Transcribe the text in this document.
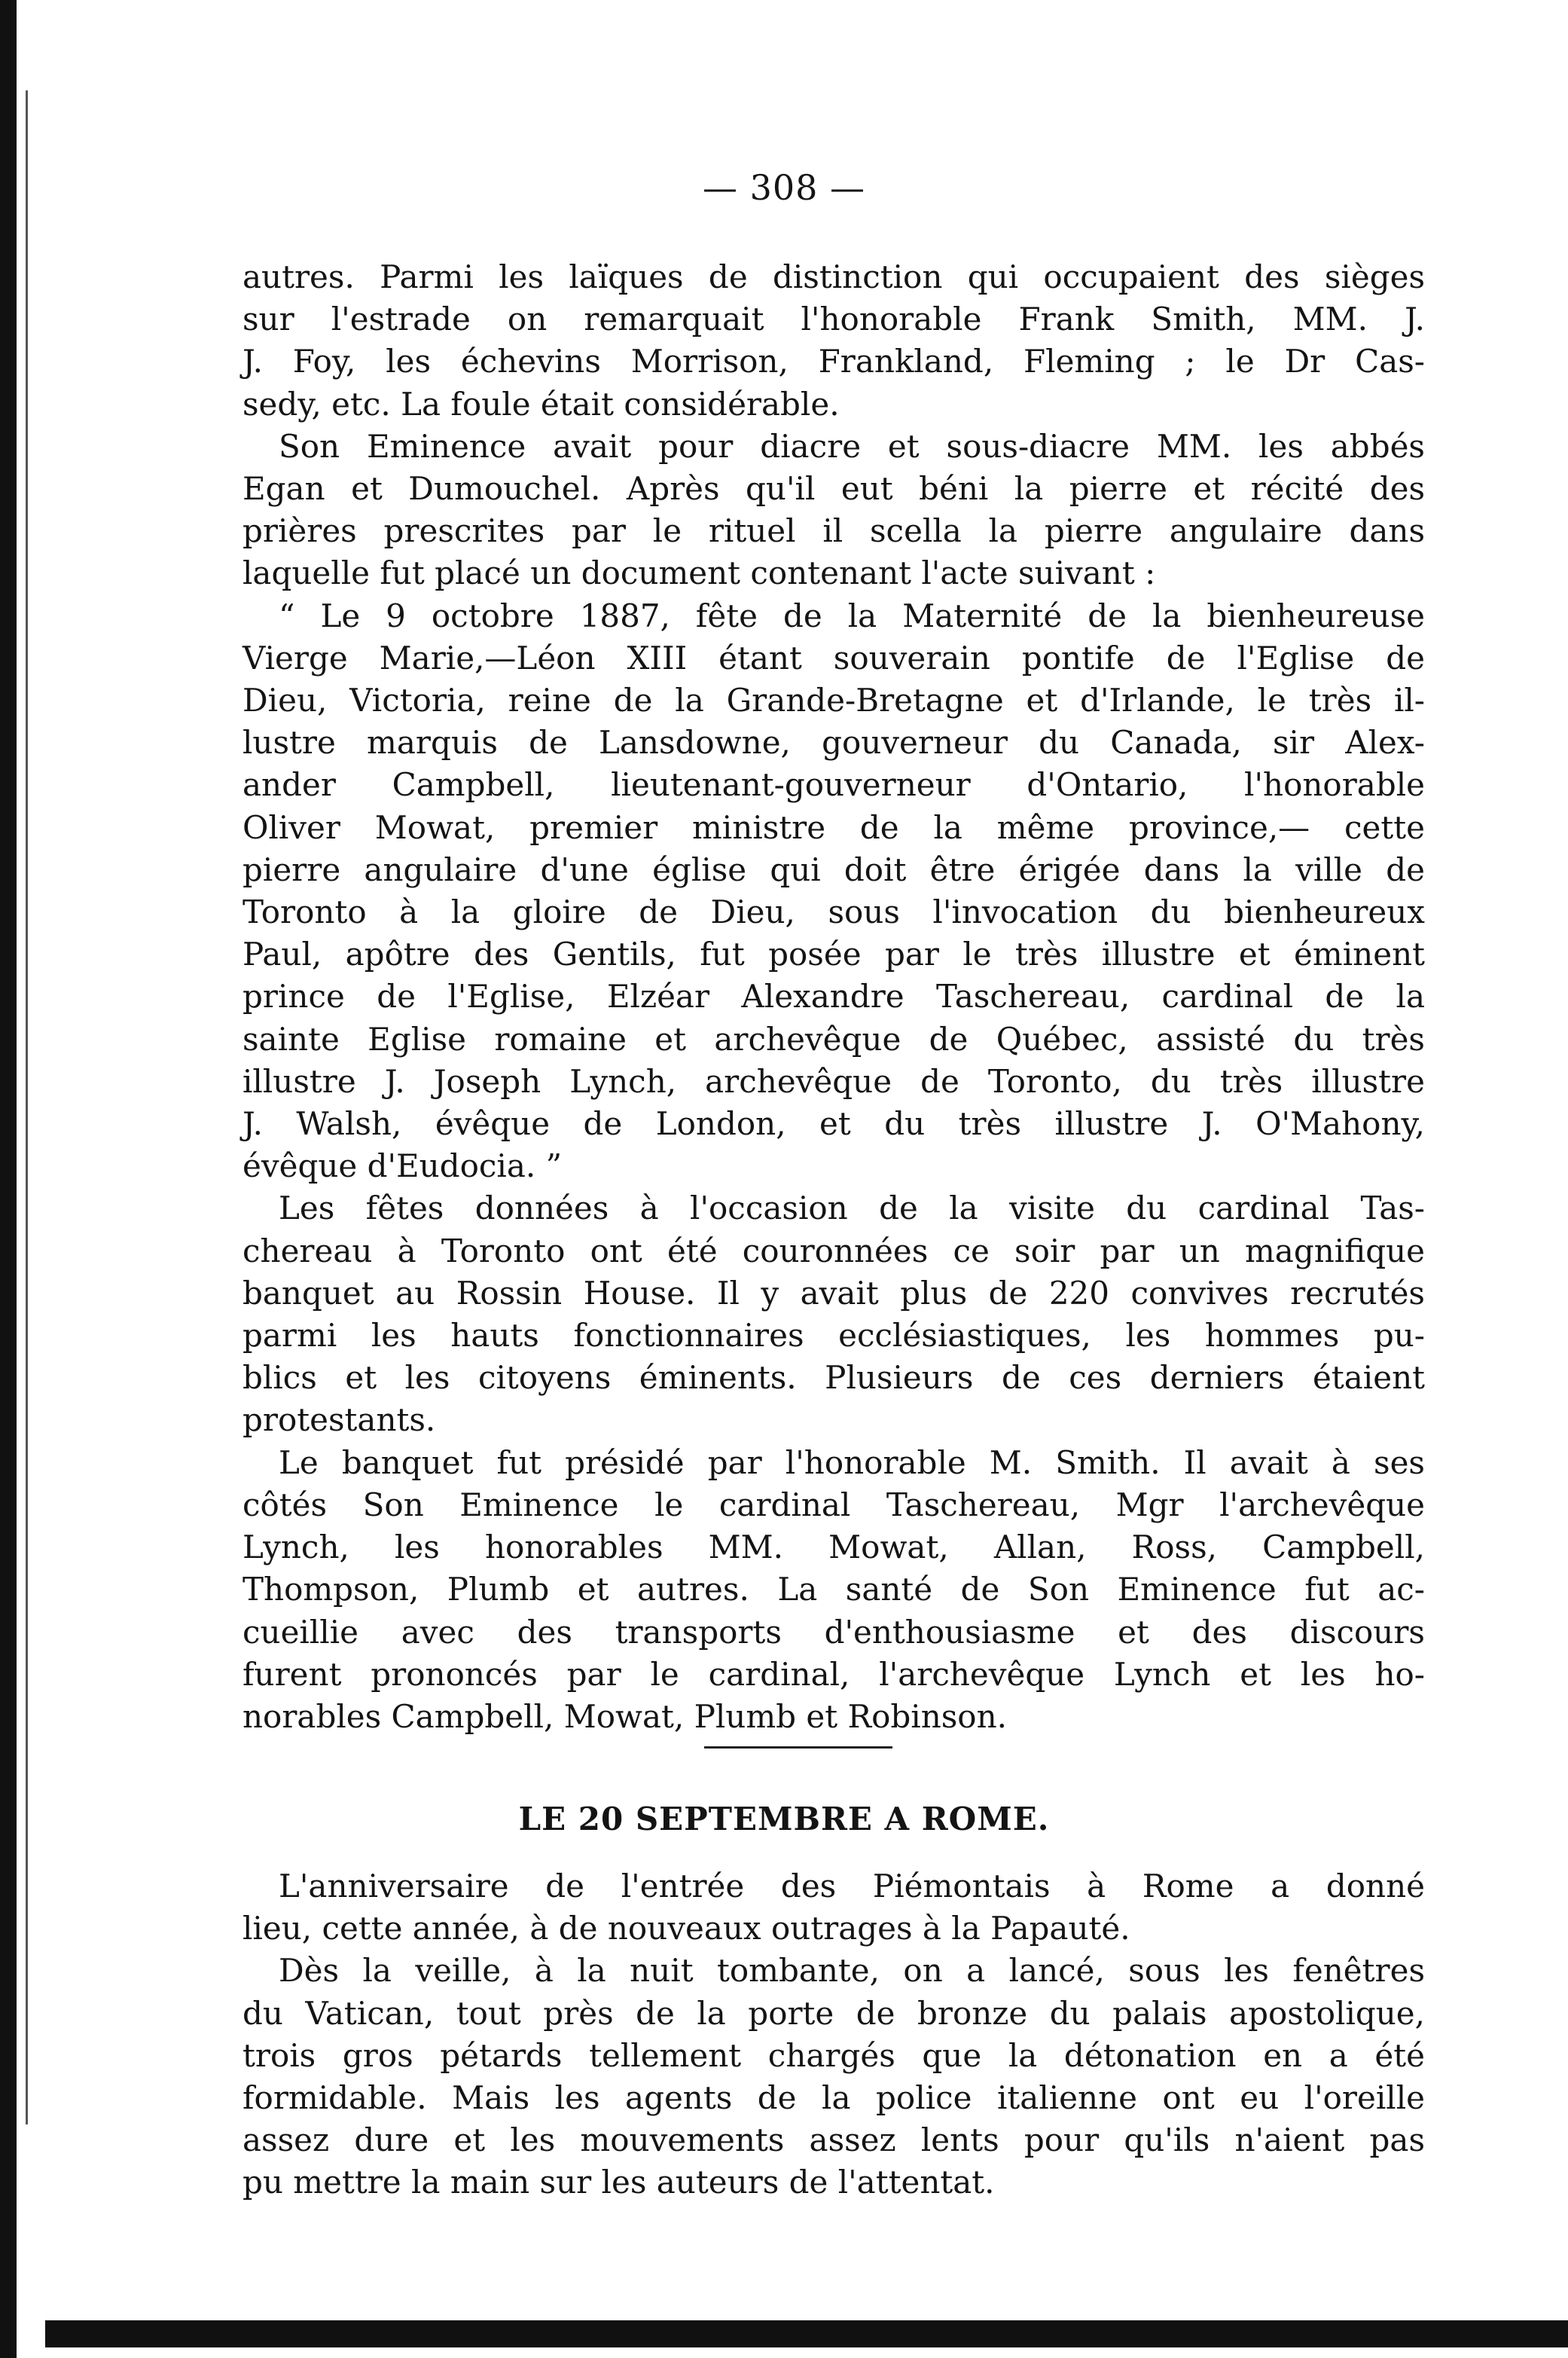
— 308 —
autres. Parmi les laïques de distinction qui occupaient des sièges
sur l'estrade on remarquait l'honorable Frank Smith, MM. J.
J. Foy, les échevins Morrison, Frankland, Fleming ; le Dr Cas-
sedy, etc. La foule était considérable.
Son Eminence avait pour diacre et sous-diacre MM. les abbés
Egan et Dumouchel. Après qu'il eut béni la pierre et récité des
prières prescrites par le rituel il scella la pierre angulaire dans
laquelle fut placé un document contenant l'acte suivant :
“ Le 9 octobre 1887, fête de la Maternité de la bienheureuse
Vierge Marie,—Léon XIII étant souverain pontife de l'Eglise de
Dieu, Victoria, reine de la Grande-Bretagne et d'Irlande, le très il-
lustre marquis de Lansdowne, gouverneur du Canada, sir Alex-
ander Campbell, lieutenant-gouverneur d'Ontario, l'honorable
Oliver Mowat, premier ministre de la même province,— cette
pierre angulaire d'une église qui doit être érigée dans la ville de
Toronto à la gloire de Dieu, sous l'invocation du bienheureux
Paul, apôtre des Gentils, fut posée par le très illustre et éminent
prince de l'Eglise, Elzéar Alexandre Taschereau, cardinal de la
sainte Eglise romaine et archevêque de Québec, assisté du très
illustre J. Joseph Lynch, archevêque de Toronto, du très illustre
J. Walsh, évêque de London, et du très illustre J. O'Mahony,
évêque d'Eudocia. ”
Les fêtes données à l'occasion de la visite du cardinal Tas-
chereau à Toronto ont été couronnées ce soir par un magnifique
banquet au Rossin House. Il y avait plus de 220 convives recrutés
parmi les hauts fonctionnaires ecclésiastiques, les hommes pu-
blics et les citoyens éminents. Plusieurs de ces derniers étaient
protestants.
Le banquet fut présidé par l'honorable M. Smith. Il avait à ses
côtés Son Eminence le cardinal Taschereau, Mgr l'archevêque
Lynch, les honorables MM. Mowat, Allan, Ross, Campbell,
Thompson, Plumb et autres. La santé de Son Eminence fut ac-
cueillie avec des transports d'enthousiasme et des discours
furent prononcés par le cardinal, l'archevêque Lynch et les ho-
norables Campbell, Mowat, Plumb et Robinson.
LE 20 SEPTEMBRE A ROME.
L'anniversaire de l'entrée des Piémontais à Rome a donné
lieu, cette année, à de nouveaux outrages à la Papauté.
Dès la veille, à la nuit tombante, on a lancé, sous les fenêtres
du Vatican, tout près de la porte de bronze du palais apostolique,
trois gros pétards tellement chargés que la détonation en a été
formidable. Mais les agents de la police italienne ont eu l'oreille
assez dure et les mouvements assez lents pour qu'ils n'aient pas
pu mettre la main sur les auteurs de l'attentat.
